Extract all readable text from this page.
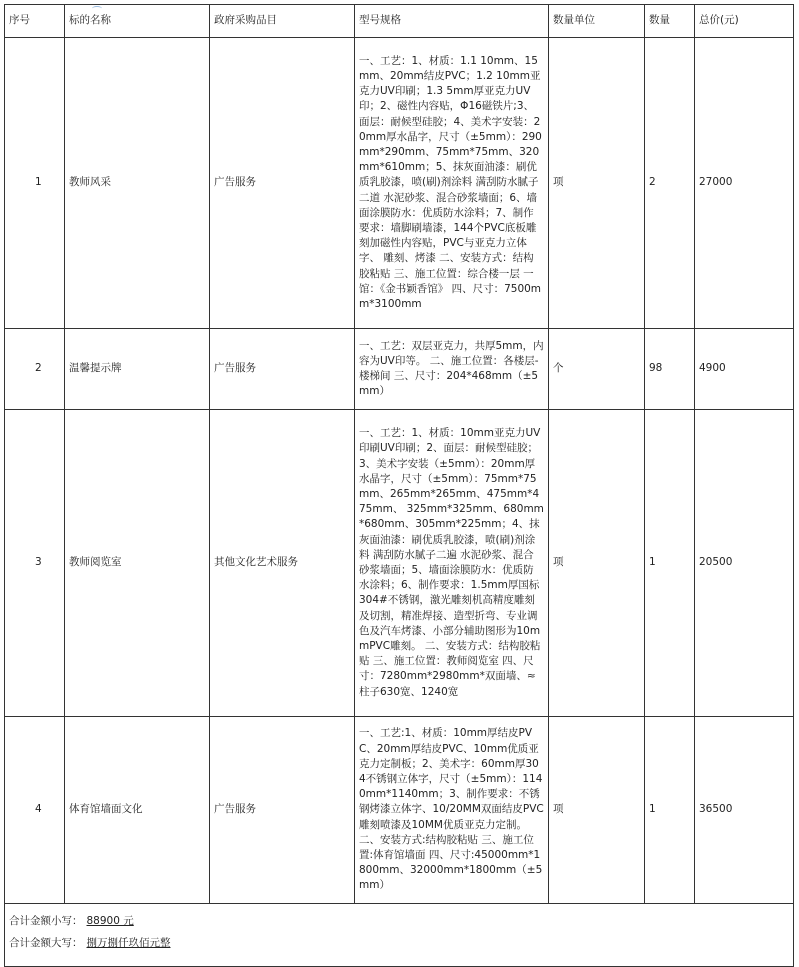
序号	标的名称	政府采购品目	型号规格	数量单位	数量	总价(元)
1	教师风采	广告服务	一、工艺：1、材质：1.1 10mm、15mm、20mm结皮PVC；1.2 10mm亚克力UV印刷；1.3 5mm厚亚克力UV印；2、磁性内容贴，Φ16磁铁片;3、面层：耐候型硅胶；4、美术字安装：20mm厚水晶字，尺寸（±5mm）：290mm*290mm、75mm*75mm、320mm*610mm；5、抹灰面油漆：刷优质乳胶漆，喷(刷)剂涂料 满刮防水腻子二道 水泥砂浆、混合砂浆墙面；6、墙面涂膜防水：优质防水涂料；7、制作要求：墙脚刷墙漆，144个PVC底板雕刻加磁性内容贴，PVC与亚克力立体字、 雕刻、烤漆 二、安装方式：结构胶粘贴 三、施工位置：综合楼一层 一馆：《金书颖香馆》 四、尺寸：7500mm*3100mm	项	2	27000
2	温馨提示牌	广告服务	一、工艺：双层亚克力，共厚5mm，内容为UV印等。 二、施工位置：各楼层-楼梯间 三、尺寸：204*468mm（±5mm）	个	98	4900
3	教师阅览室	其他文化艺术服务	一、工艺：1、材质：10mm亚克力UV印刷UV印刷；2、面层：耐候型硅胶；3、美术字安装（±5mm）：20mm厚水晶字，尺寸（±5mm）：75mm*75mm、265mm*265mm、475mm*475mm、 325mm*325mm、680mm*680mm、305mm*225mm；4、抹灰面油漆：刷优质乳胶漆，喷(刷)剂涂料 满刮防水腻子二遍 水泥砂浆、混合砂浆墙面；5、墙面涂膜防水：优质防水涂料；6、制作要求：1.5mm厚国标 304#不锈钢，激光雕刻机高精度雕刻及切割，精准焊接、造型折弯、专业调色及汽车烤漆、小部分辅助图形为10mmPVC雕刻。 二、安装方式：结构胶粘贴 三、施工位置：教师阅览室 四、尺寸：7280mm*2980mm*双面墙、≈柱子630宽、1240宽	项	1	20500
4	体育馆墙面文化	广告服务	一、工艺:1、材质：10mm厚结皮PVC、20mm厚结皮PVC、10mm优质亚克力定制板；2、美术字：60mm厚304不锈钢立体字，尺寸（±5mm）：1140mm*1140mm；3、制作要求：不锈钢烤漆立体字、10/20MM双面结皮PVC雕刻喷漆及10MM优质亚克力定制。 二、安装方式:结构胶粘贴 三、施工位置:体育馆墙面 四、尺寸:45000mm*1800mm、32000mm*1800mm（±5mm）	项	1	36500

合计金额小写： 88900 元
合计金额大写： 捌万捌仟玖佰元整						
